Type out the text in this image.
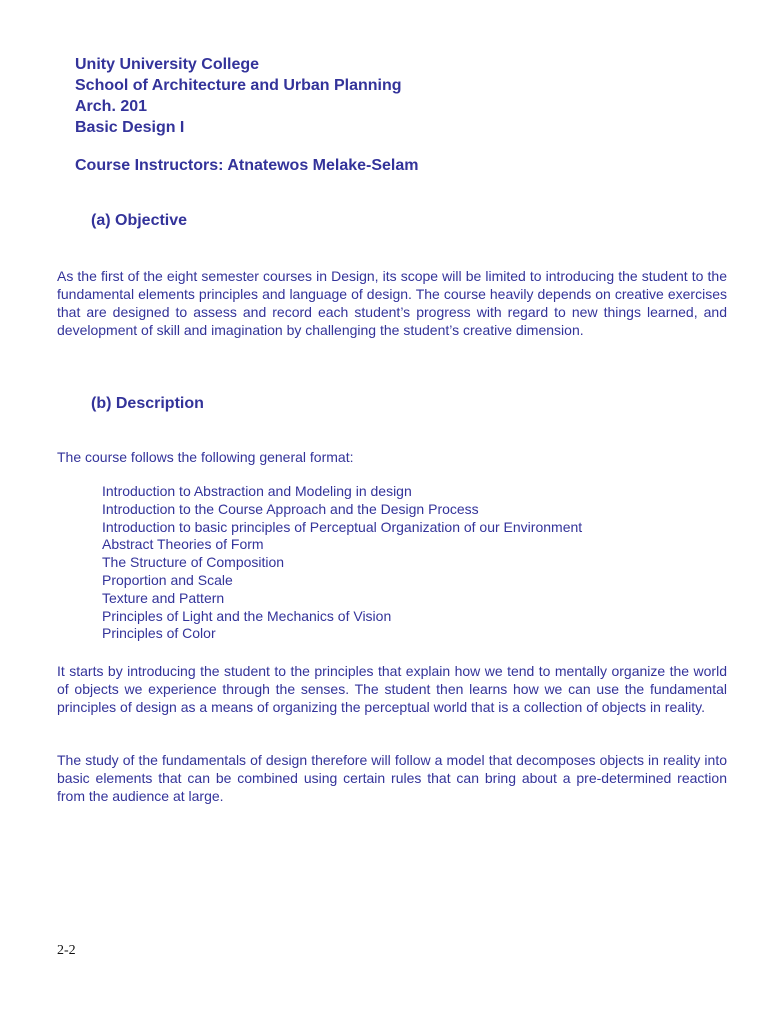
Unity University College
School of Architecture and Urban Planning
Arch. 201
Basic Design I
Course Instructors: Atnatewos Melake-Selam
(a) Objective
As the first of the eight semester courses in Design, its scope will be limited to introducing the student to the fundamental elements principles and language of design. The course heavily depends on creative exercises that are designed to assess and record each student’s progress with regard to new things learned, and development of skill and imagination by challenging the student’s creative dimension.
(b) Description
The course follows the following general format:
Introduction to Abstraction and Modeling in design
Introduction to the Course Approach and the Design Process
Introduction to basic principles of Perceptual Organization of our Environment
Abstract Theories of Form
The Structure of Composition
Proportion and Scale
Texture and Pattern
Principles of Light and the Mechanics of Vision
Principles of Color
It starts by introducing the student to the principles that explain how we tend to mentally organize the world of objects we experience through the senses. The student then learns how we can use the fundamental principles of design as a means of organizing the perceptual world that is a collection of objects in reality.
The study of the fundamentals of design therefore will follow a model that decomposes objects in reality into basic elements that can be combined using certain rules that can bring about a pre-determined reaction from the audience at large.
2-2
